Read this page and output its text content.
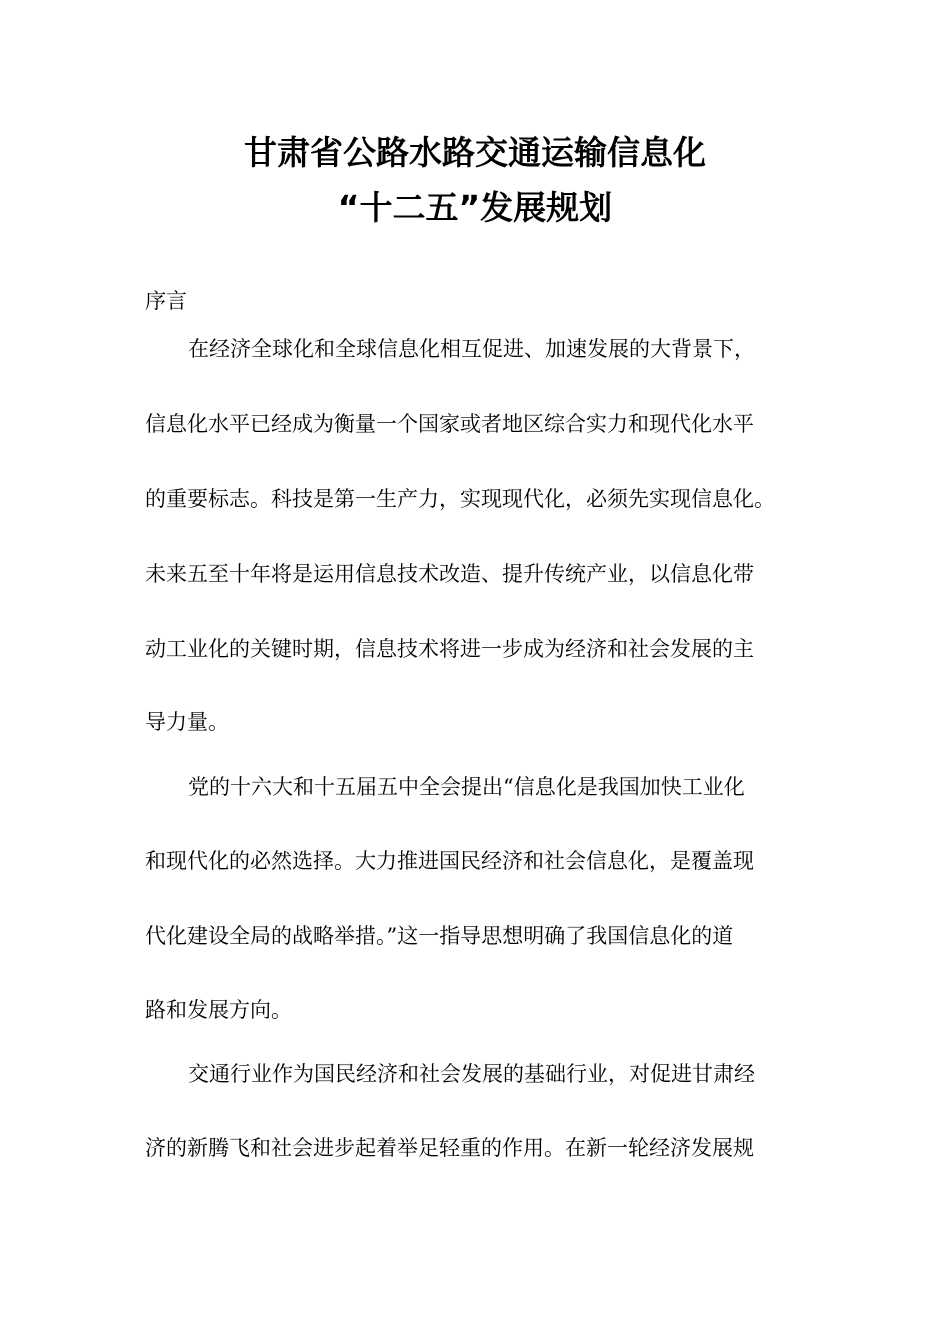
甘肃省公路水路交通运输信息化
“十二五”发展规划
序言
在经济全球化和全球信息化相互促进、加速发展的大背景下，
信息化水平已经成为衡量一个国家或者地区综合实力和现代化水平
的重要标志。科技是第一生产力，实现现代化，必须先实现信息化。
未来五至十年将是运用信息技术改造、提升传统产业，以信息化带
动工业化的关键时期，信息技术将进一步成为经济和社会发展的主
导力量。
党的十六大和十五届五中全会提出“信息化是我国加快工业化
和现代化的必然选择。大力推进国民经济和社会信息化，是覆盖现
代化建设全局的战略举措。”这一指导思想明确了我国信息化的道
路和发展方向。
交通行业作为国民经济和社会发展的基础行业，对促进甘肃经
济的新腾飞和社会进步起着举足轻重的作用。在新一轮经济发展规
